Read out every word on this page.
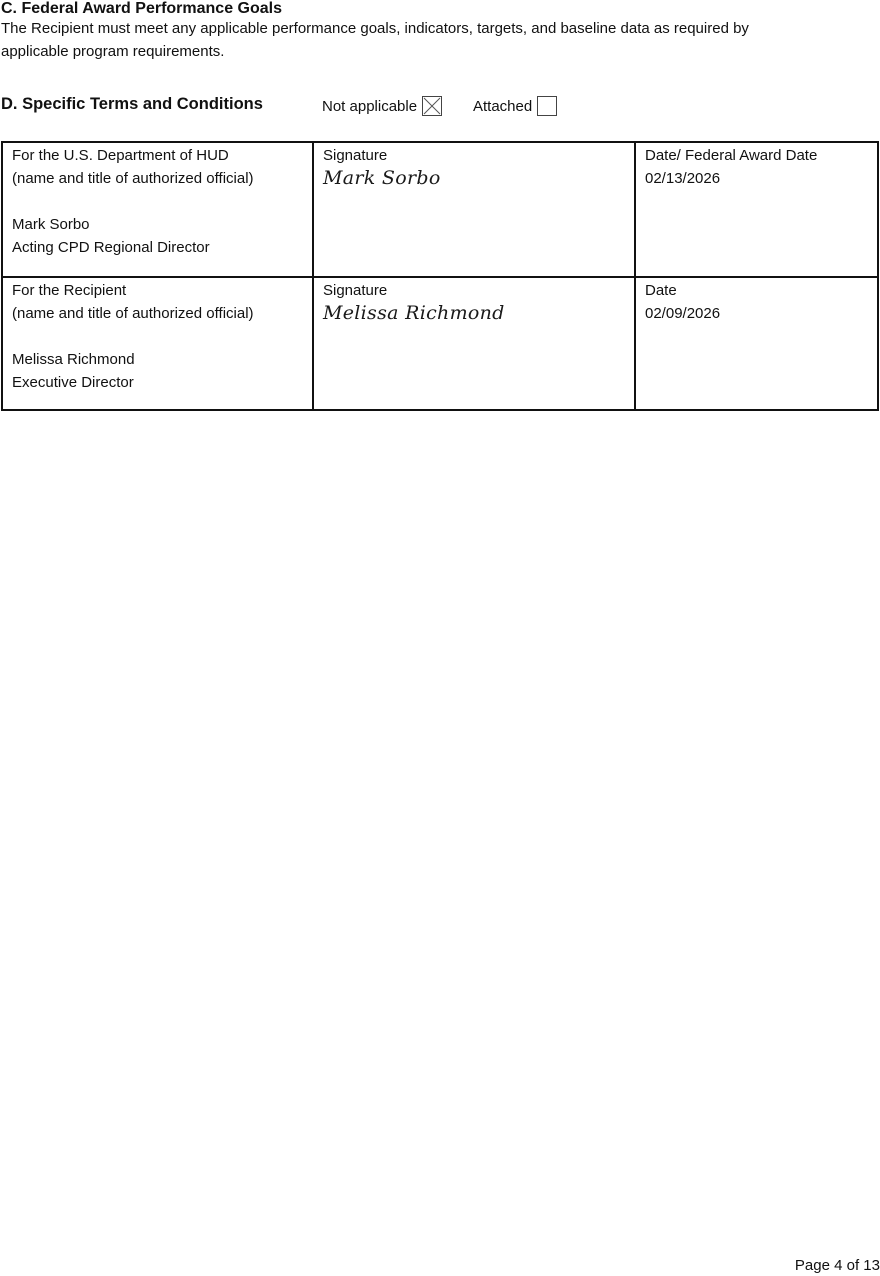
C. Federal Award Performance Goals

The Recipient must meet any applicable performance goals, indicators, targets, and baseline data as required by
applicable program requirements.

D. Specific Terms and Conditions	Not applicable	Attached
For the U.S. Department of HUD
(name and title of authorized official)
Mark Sorbo
Acting CPD Regional Director
Signature
Mark Sorbo
Date/ Federal Award Date
02/13/2026
For the Recipient
(name and title of authorized official)
Melissa Richmond
Executive Director
Signature
Melissa Richmond
Date
02/09/2026
Page 4 of 13
